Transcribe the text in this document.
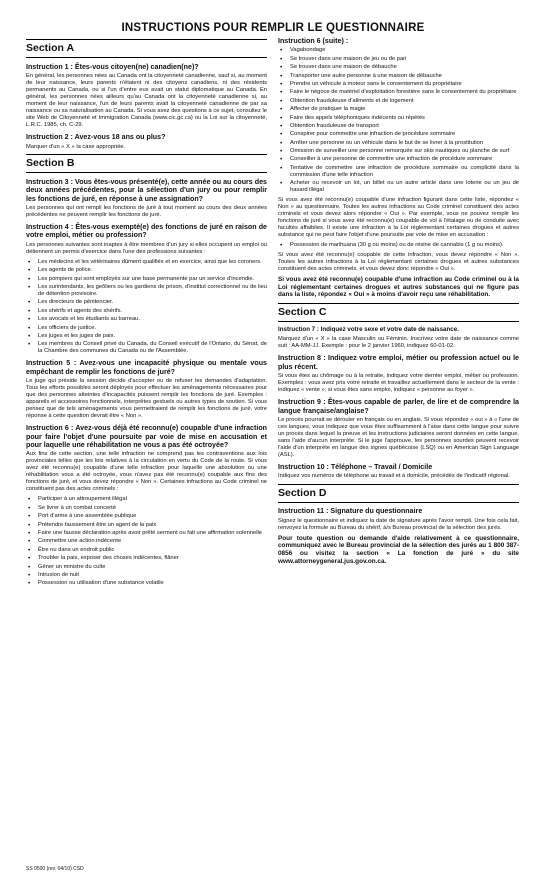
INSTRUCTIONS POUR REMPLIR LE QUESTIONNAIRE
Section A
Instruction 1 : Êtes-vous citoyen(ne) canadien(ne)?

En général, les personnes nées au Canada ont la citoyenneté canadienne, sauf si, au moment de leur naissance, leurs parents n'étaient ni des citoyens canadiens, ni des résidents permanents au Canada, ou si l'un d'entre eux avait un statut diplomatique au Canada. En général, les personnes nées ailleurs qu'au Canada ont la citoyenneté canadienne si, au moment de leur naissance, l'un de leurs parents avait la citoyenneté canadienne de par sa naissance ou sa naturalisation au Canada. Si vous avez des questions à ce sujet, consultez le site Web de Citoyenneté et Immigration Canada (www.cic.gc.ca) ou la Loi sur la citoyenneté, L.R.C. 1985, ch. C-29.

Instruction 2 : Avez-vous 18 ans ou plus?

Marquer d'un « X » la case appropriée.

Section B
Instruction 3 : Vous êtes-vous présenté(e), cette année ou au cours des deux années précédentes, pour la sélection d'un jury ou pour remplir les fonctions de juré, en réponse à une assignation?

Les personnes qui ont rempli les fonctions de juré à tout moment au cours des deux années précédentes ne peuvent remplir les fonctions de juré.

Instruction 4 : Êtes-vous exempté(e) des fonctions de juré en raison de votre emploi, métier ou profession?

Les personnes suivantes sont inaptes à être membres d'un jury si elles occupent un emploi ou détiennent un permis d'exercice dans l'une des professions suivantes :

• Les médecins et les vétérinaires dûment qualifiés et en exercice, ainsi que les coroners.
• Les agents de police.
• Les pompiers qui sont employés sur une base permanente par un service d'incendie.
• Les surintendants, les geôliers ou les gardiens de prison, d'institut correctionnel ou de lieu de détention provisoire.
• Les directeurs de pénitencier.
• Les shérifs et agents des shérifs.
• Les avocats et les étudiants au barreau.
• Les officiers de justice.
• Les juges et les juges de paix.
• Les membres du Conseil privé du Canada, du Conseil exécutif de l'Ontario, du Sénat, de la Chambre des communes du Canada ou de l'Assemblée.
Instruction 5 : Avez-vous une incapacité physique ou mentale vous empêchant de remplir les fonctions de juré?

Le juge qui préside la session décide d'accepter ou de refuser les demandes d'adaptation. Tous les efforts possibles seront déployés pour effectuer les aménagements nécessaires pour que des personnes atteintes d'incapacités puissent remplir les fonctions de juré. Exemples : appareils et accessoires fonctionnels, interprètes gestuels ou autres types de soutien. Si vous pensez que de tels aménagements vous permettraient de remplir les fonctions de juré, votre réponse à cette question devrait être « Non ».

Instruction 6 : Avez-vous déjà été reconnu(e) coupable d'une infraction pour faire l'objet d'une poursuite par voie de mise en accusation et pour laquelle une réhabilitation ne vous a pas été octroyée?

Aux fins de cette section, une telle infraction ne comprend pas les contraventions aux lois provinciales telles que les lois relatives à la circulation en vertu du Code de la route. Si vous avez été reconnu(e) coupable d'une telle infraction pour laquelle une absolution ou une réhabilitation vous a été octroyée, vous n'avez pas été reconnu(e) coupable aux fins des fonctions de juré, et vous devez répondre « Non ». Certaines infractions au Code criminel ne constituent pas des actes criminels :

• Participer à un attroupement illégal
• Se livrer à un combat concerté
• Port d'arme à une assemblée publique
• Prétendre faussement être un agent de la paix
• Faire une fausse déclaration après avoir prêté serment ou fait une affirmation solennelle
• Commettre une action indécente
• Être nu dans un endroit public
• Troubler la paix, exposer des choses indécentes, flâner
• Gêner un ministre du culte
• Intrusion de nuit
• Possession ou utilisation d'une substance volatile
Instruction 6 (suite) :
• Vagabondage
• Se trouver dans une maison de jeu ou de pari
• Se trouver dans une maison de débauche
• Transporter une autre personne à une maison de débauche
• Prendre un véhicule à moteur sans le consentement du propriétaire
• Faire le négoce de matériel d'exploitation forestière sans le consentement du propriétaire
• Obtention frauduleuse d'aliments et de logement
• Affecter de pratiquer la magie
• Faire des appels téléphoniques indécents ou répétés
• Obtention frauduleuse de transport
• Conspirer pour commettre une infraction de procédure sommaire
• Arrêter une personne ou un véhicule dans le but de se livrer à la prostitution
• Omission de surveiller une personne remorquée sur skis nautiques ou planche de surf
• Conseiller à une personne de commettre une infraction de procédure sommaire
• Tentative de commettre une infraction de procédure sommaire ou complicité dans la commission d'une telle infraction
• Acheter ou recevoir un lot, un billet ou un autre article dans une loterie ou un jeu de hasard illégal

Si vous avez été reconnu(e) coupable d'une infraction figurant dans cette liste, répondez « Non » au questionnaire. Toutes les autres infractions au Code criminel constituent des actes criminels et vous devez alors répondre « Oui ». Par exemple, vous ne pouvez remplir les fonctions de juré si vous avez été reconnu(e) coupable de vol à l'étalage ou de conduite avec facultés affaiblies. Il existe une infraction à la Loi réglementant certaines drogues et autres substance qui ne peut faire l'objet d'une poursuite par voie de mise en accusation :

• Possession de marihuana (30 g ou moins) ou de résine de cannabis (1 g ou moins).

Si vous avez été reconnu(e) coupable de cette infraction, vous devez répondre « Non ». Toutes les autres infractions à la Loi réglementant certaines drogues et autres substances constituent des actes criminels, et vous devez donc répondre « Oui ».

Si vous avez été reconnu(e) coupable d'une infraction au Code criminel ou à la Loi réglementant certaines drogues et autres substances qui ne figure pas dans la liste, répondez « Oui » à moins d'avoir reçu une réhabilitation.

Section C
Instruction 7 : Indiquez votre sexe et votre date de naissance.

Marquez d'un « X » la case Masculin ou Féminin. Inscrivez votre date de naissance comme suit : AA-MM-JJ. Exemple : pour le 2 janvier 1960, indiquez 60-01-02.

Instruction 8 : Indiquez votre emploi, métier ou profession actuel ou le plus récent.

Si vous êtes au chômage ou à la retraite, indiquez votre dernier emploi, métier ou profession. Exemples : vous avez pris votre retraite et travaillez actuellement dans le secteur de la vente : indiquez « vente »; si vous êtes sans emploi, indiquez « personne au foyer ».

Instruction 9 : Êtes-vous capable de parler, de lire et de comprendre la langue française/anglaise?

Le procès pourrait se dérouler en français ou en anglais. Si vous répondez « oui » à « l'une de ces langues, vous indiquez que vous êtes suffisamment à l'aise dans cette langue pour suivre un procès dans lequel la preuve et les instructions judiciaires seront données en cette langue, sans l'aide d'aucun interprète. Si le juge l'approuve, les personnes sourdes peuvent recevoir l'aide d'un interprète en langue des signes québécoise (LSQ) ou en American Sign Language (ASL).

Instruction 10 : Téléphone – Travail / Domicile

Indiquez vos numéros de téléphone au travail et à domicile, précédés de l'indicatif régional.

Section D
Instruction 11 : Signature du questionnaire

Signez le questionnaire et indiquez la date de signature après l'avoir rempli. Une fois cela fait, renvoyez la formule au Bureau du shérif, à/s Bureau provincial de la sélection des jurés.

Pour toute question ou demande d'aide relativement à ce questionnaire, communiquez avec le Bureau provincial de la sélection des jurés au 1 800 387-0856 ou visitez la section « La fonction de juré » du site www.attorneygeneral.jus.gov.on.ca.

SS 0500 (rev. 04/10) CSD
